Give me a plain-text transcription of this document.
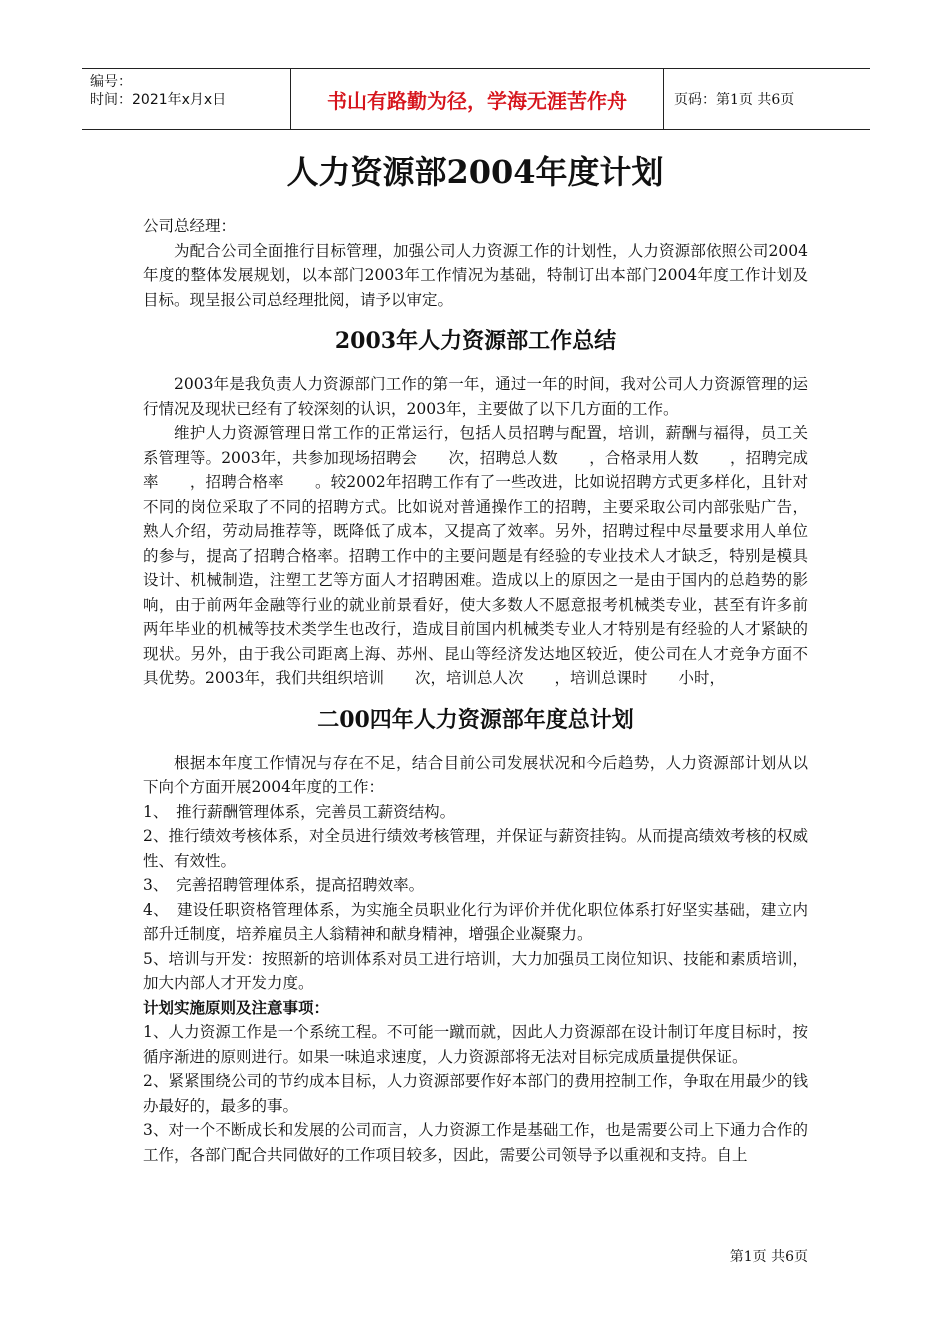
编号：
时间：2021年x月x日	书山有路勤为径，学海无涯苦作舟	页码：第1页 共6页
人力资源部2004年度计划

公司总经理：

为配合公司全面推行目标管理，加强公司人力资源工作的计划性，人力资源部依照公司2004年度的整体发展规划，以本部门2003年工作情况为基础，特制订出本部门2004年度工作计划及目标。现呈报公司总经理批阅，请予以审定。

2003年人力资源部工作总结

2003年是我负责人力资源部门工作的第一年，通过一年的时间，我对公司人力资源管理的运行情况及现状已经有了较深刻的认识，2003年，主要做了以下几方面的工作。

维护人力资源管理日常工作的正常运行，包括人员招聘与配置，培训，薪酬与福得，员工关系管理等。2003年，共参加现场招聘会　　次，招聘总人数　　，合格录用人数　　，招聘完成率　　，招聘合格率　　。较2002年招聘工作有了一些改进，比如说招聘方式更多样化，且针对不同的岗位采取了不同的招聘方式。比如说对普通操作工的招聘，主要采取公司内部张贴广告，熟人介绍，劳动局推荐等，既降低了成本，又提高了效率。另外，招聘过程中尽量要求用人单位的参与，提高了招聘合格率。招聘工作中的主要问题是有经验的专业技术人才缺乏，特别是模具设计、机械制造，注塑工艺等方面人才招聘困难。造成以上的原因之一是由于国内的总趋势的影响，由于前两年金融等行业的就业前景看好，使大多数人不愿意报考机械类专业，甚至有许多前两年毕业的机械等技术类学生也改行，造成目前国内机械类专业人才特别是有经验的人才紧缺的现状。另外，由于我公司距离上海、苏州、昆山等经济发达地区较近，使公司在人才竞争方面不具优势。2003年，我们共组织培训　　次，培训总人次　　，培训总课时　　小时，

二00四年人力资源部年度总计划

根据本年度工作情况与存在不足，结合目前公司发展状况和今后趋势，人力资源部计划从以下向个方面开展2004年度的工作：

1、　推行薪酬管理体系，完善员工薪资结构。

2、推行绩效考核体系，对全员进行绩效考核管理，并保证与薪资挂钩。从而提高绩效考核的权威性、有效性。

3、　完善招聘管理体系，提高招聘效率。

4、　建设任职资格管理体系，为实施全员职业化行为评价并优化职位体系打好坚实基础，建立内部升迁制度，培养雇员主人翁精神和献身精神，增强企业凝聚力。

5、培训与开发：按照新的培训体系对员工进行培训，大力加强员工岗位知识、技能和素质培训，加大内部人才开发力度。

计划实施原则及注意事项：

1、人力资源工作是一个系统工程。不可能一蹴而就，因此人力资源部在设计制订年度目标时，按循序渐进的原则进行。如果一味追求速度，人力资源部将无法对目标完成质量提供保证。

2、紧紧围绕公司的节约成本目标，人力资源部要作好本部门的费用控制工作，争取在用最少的钱办最好的，最多的事。

3、对一个不断成长和发展的公司而言，人力资源工作是基础工作，也是需要公司上下通力合作的工作，各部门配合共同做好的工作项目较多，因此，需要公司领导予以重视和支持。自上

第1页 共6页
